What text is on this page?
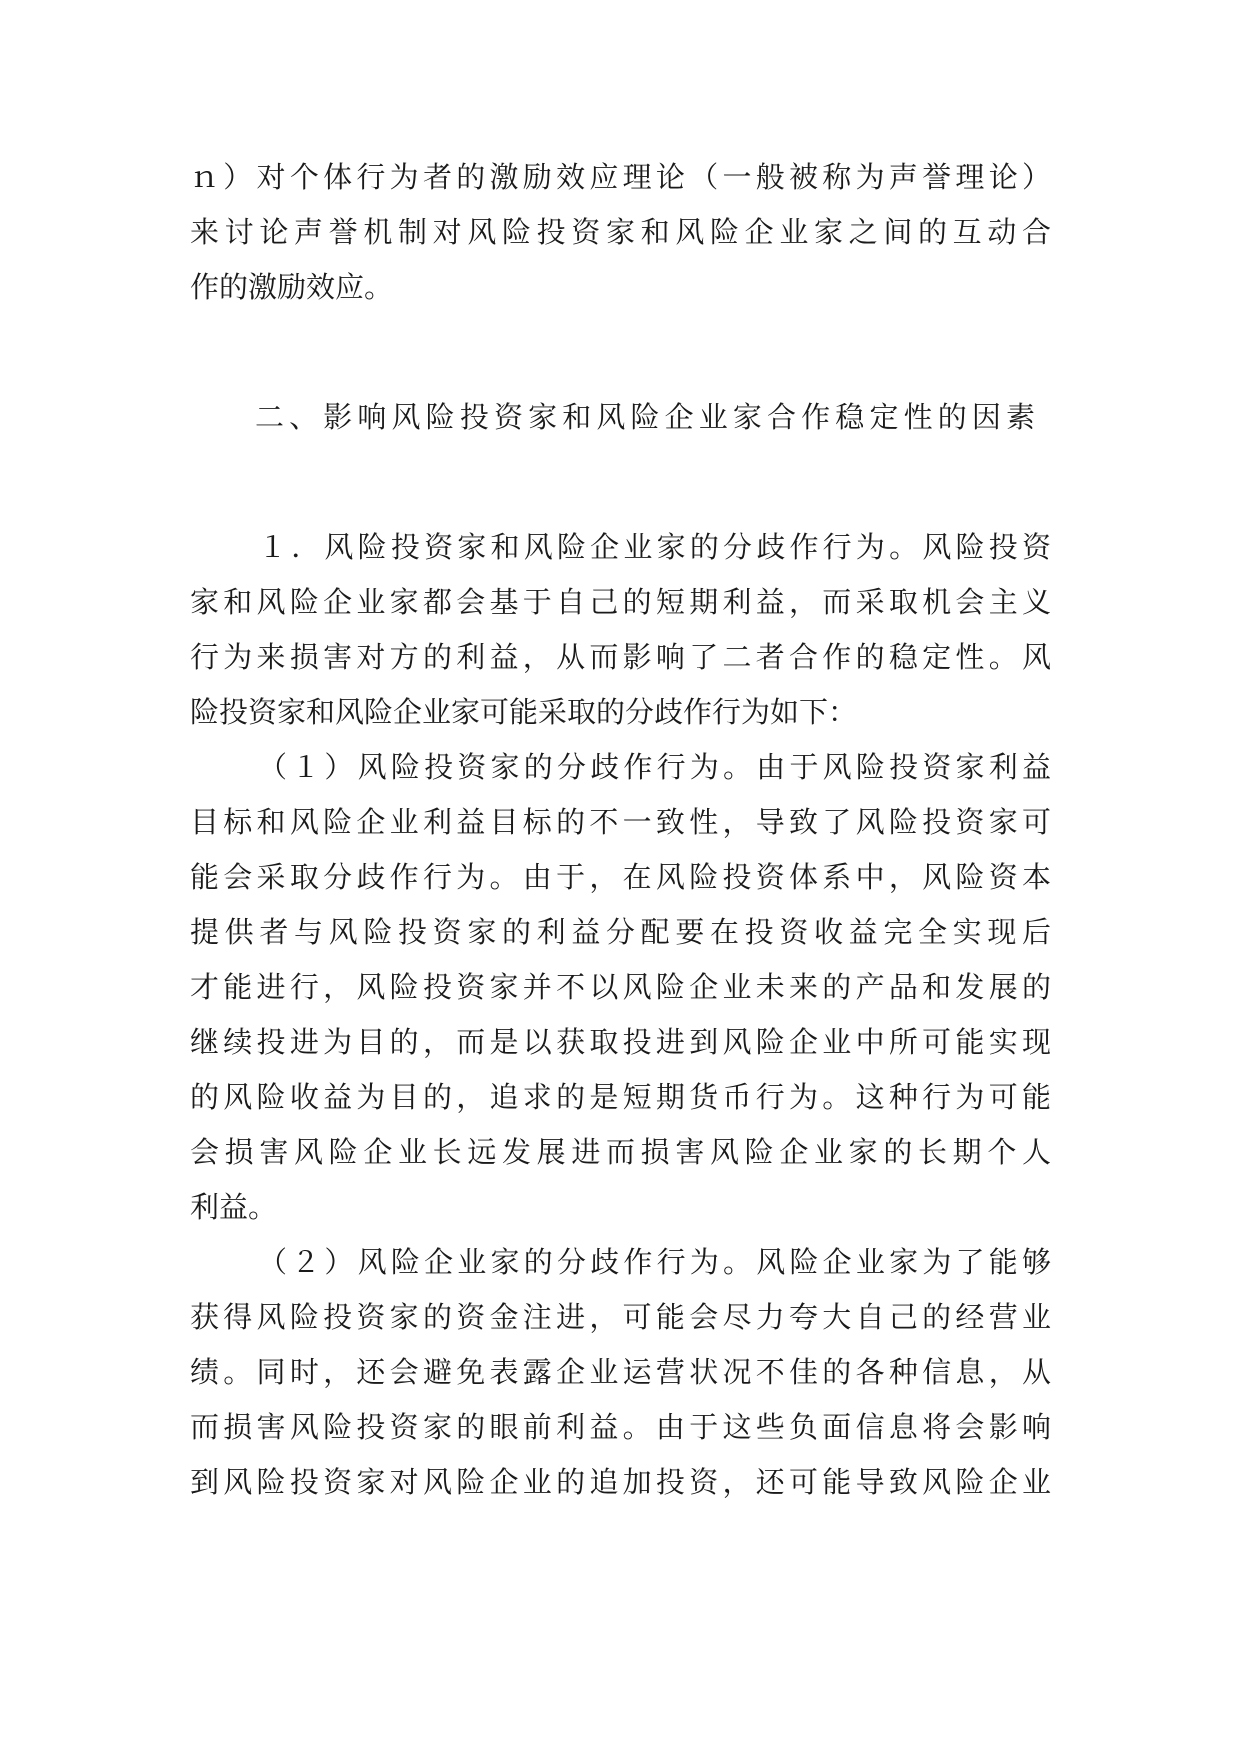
ｎ）对个体行为者的激励效应理论（一般被称为声誉理论）
来讨论声誉机制对风险投资家和风险企业家之间的互动合
作的激励效应。
二、影响风险投资家和风险企业家合作稳定性的因素
１．风险投资家和风险企业家的分歧作行为。风险投资
家和风险企业家都会基于自己的短期利益，而采取机会主义
行为来损害对方的利益，从而影响了二者合作的稳定性。风
险投资家和风险企业家可能采取的分歧作行为如下：
（１）风险投资家的分歧作行为。由于风险投资家利益
目标和风险企业利益目标的不一致性，导致了风险投资家可
能会采取分歧作行为。由于，在风险投资体系中，风险资本
提供者与风险投资家的利益分配要在投资收益完全实现后
才能进行，风险投资家并不以风险企业未来的产品和发展的
继续投进为目的，而是以获取投进到风险企业中所可能实现
的风险收益为目的，追求的是短期货币行为。这种行为可能
会损害风险企业长远发展进而损害风险企业家的长期个人
利益。
（２）风险企业家的分歧作行为。风险企业家为了能够
获得风险投资家的资金注进，可能会尽力夸大自己的经营业
绩。同时，还会避免表露企业运营状况不佳的各种信息，从
而损害风险投资家的眼前利益。由于这些负面信息将会影响
到风险投资家对风险企业的追加投资，还可能导致风险企业
